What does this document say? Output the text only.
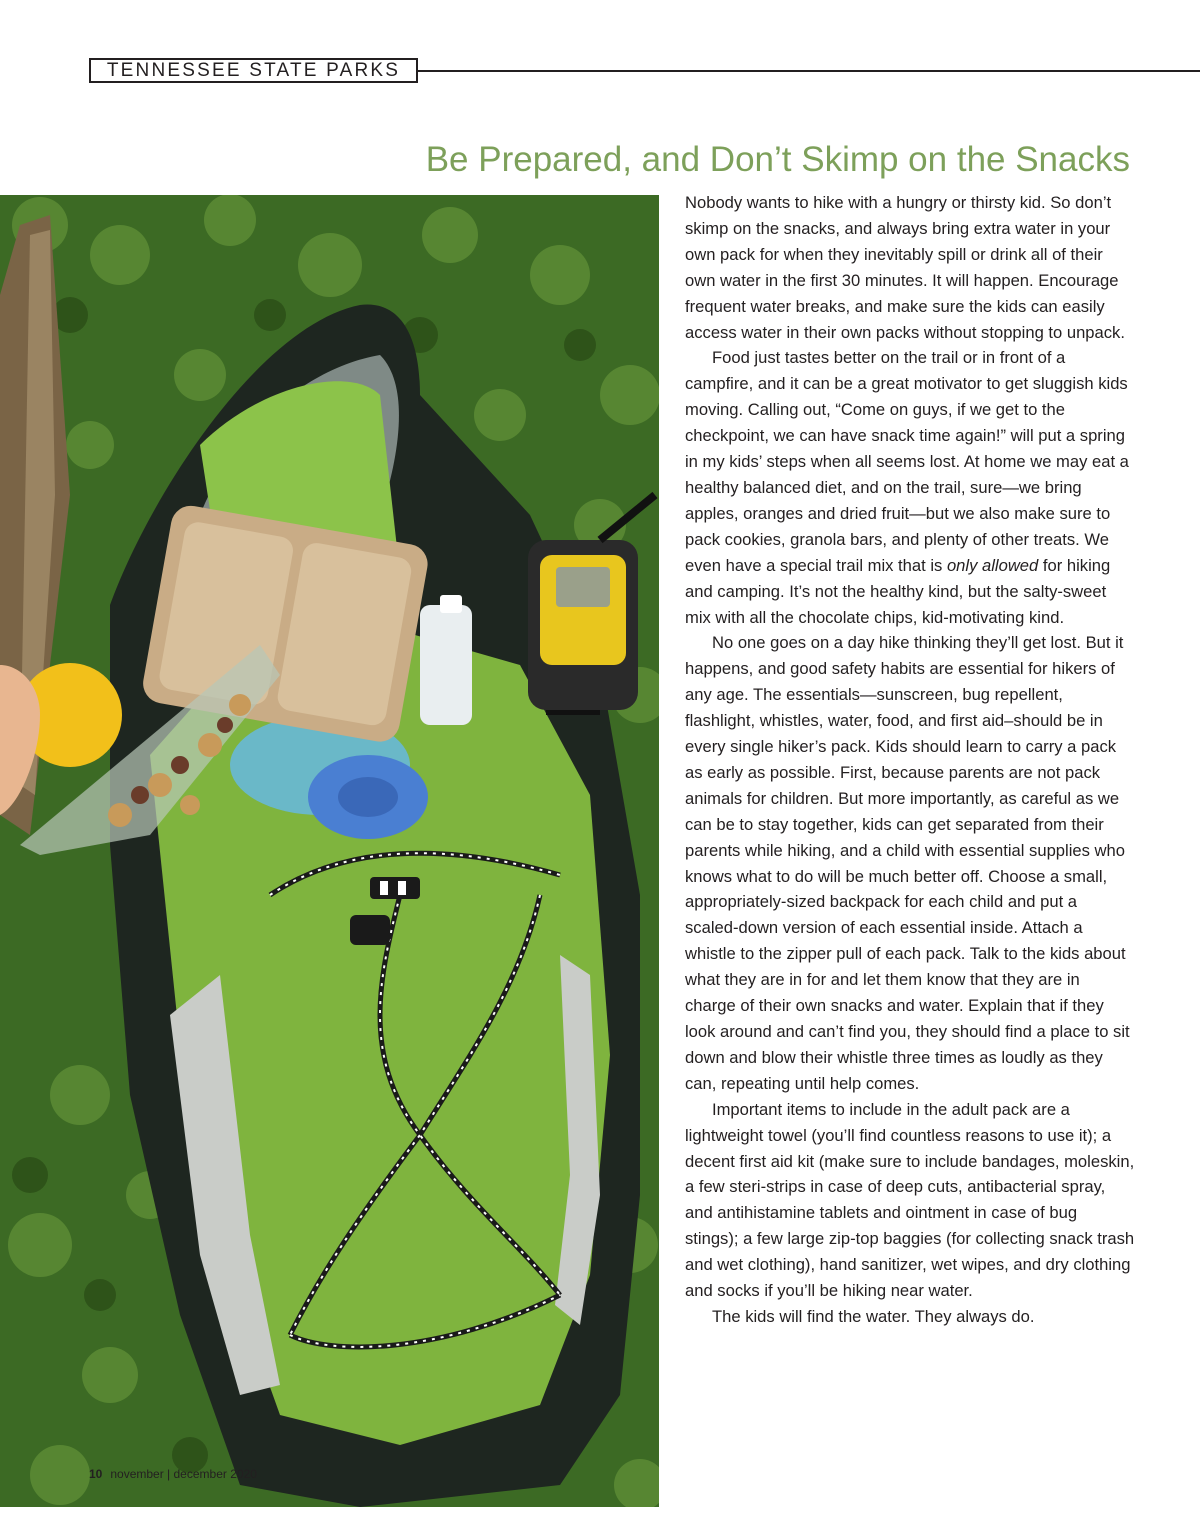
TENNESSEE STATE PARKS
Be Prepared, and Don’t Skimp on the Snacks

Nobody wants to hike with a hungry or thirsty kid. So don’t skimp on the snacks, and always bring extra water in your own pack for when they inevitably spill or drink all of their own water in the first 30 minutes. It will happen. Encourage frequent water breaks, and make sure the kids can easily access water in their own packs without stopping to unpack.

Food just tastes better on the trail or in front of a campfire, and it can be a great motivator to get sluggish kids moving. Calling out, “Come on guys, if we get to the checkpoint, we can have snack time again!” will put a spring in my kids’ steps when all seems lost. At home we may eat a healthy balanced diet, and on the trail, sure—we bring apples, oranges and dried fruit—but we also make sure to pack cookies, granola bars, and plenty of other treats. We even have a special trail mix that is only allowed for hiking and camping. It’s not the healthy kind, but the salty-sweet mix with all the chocolate chips, kid-motivating kind.

No one goes on a day hike thinking they’ll get lost. But it happens, and good safety habits are essential for hikers of any age. The essentials—sunscreen, bug repellent, flashlight, whistles, water, food, and first aid–should be in every single hiker’s pack. Kids should learn to carry a pack as early as possible. First, because parents are not pack animals for children. But more importantly, as careful as we can be to stay together, kids can get separated from their parents while hiking, and a child with essential supplies who knows what to do will be much better off. Choose a small, appropriately-sized backpack for each child and put a scaled-down version of each essential inside. Attach a whistle to the zipper pull of each pack. Talk to the kids about what they are in for and let them know that they are in charge of their own snacks and water. Explain that if they look around and can’t find you, they should find a place to sit down and blow their whistle three times as loudly as they can, repeating until help comes.

Important items to include in the adult pack are a lightweight towel (you’ll find countless reasons to use it); a decent first aid kit (make sure to include bandages, moleskin, a few steri-strips in case of deep cuts, antibacterial spray, and antihistamine tablets and ointment in case of bug stings); a few large zip-top baggies (for collecting snack trash and wet clothing), hand sanitizer, wet wipes, and dry clothing and socks if you’ll be hiking near water.

The kids will find the water. They always do.

10 november | december 2020
